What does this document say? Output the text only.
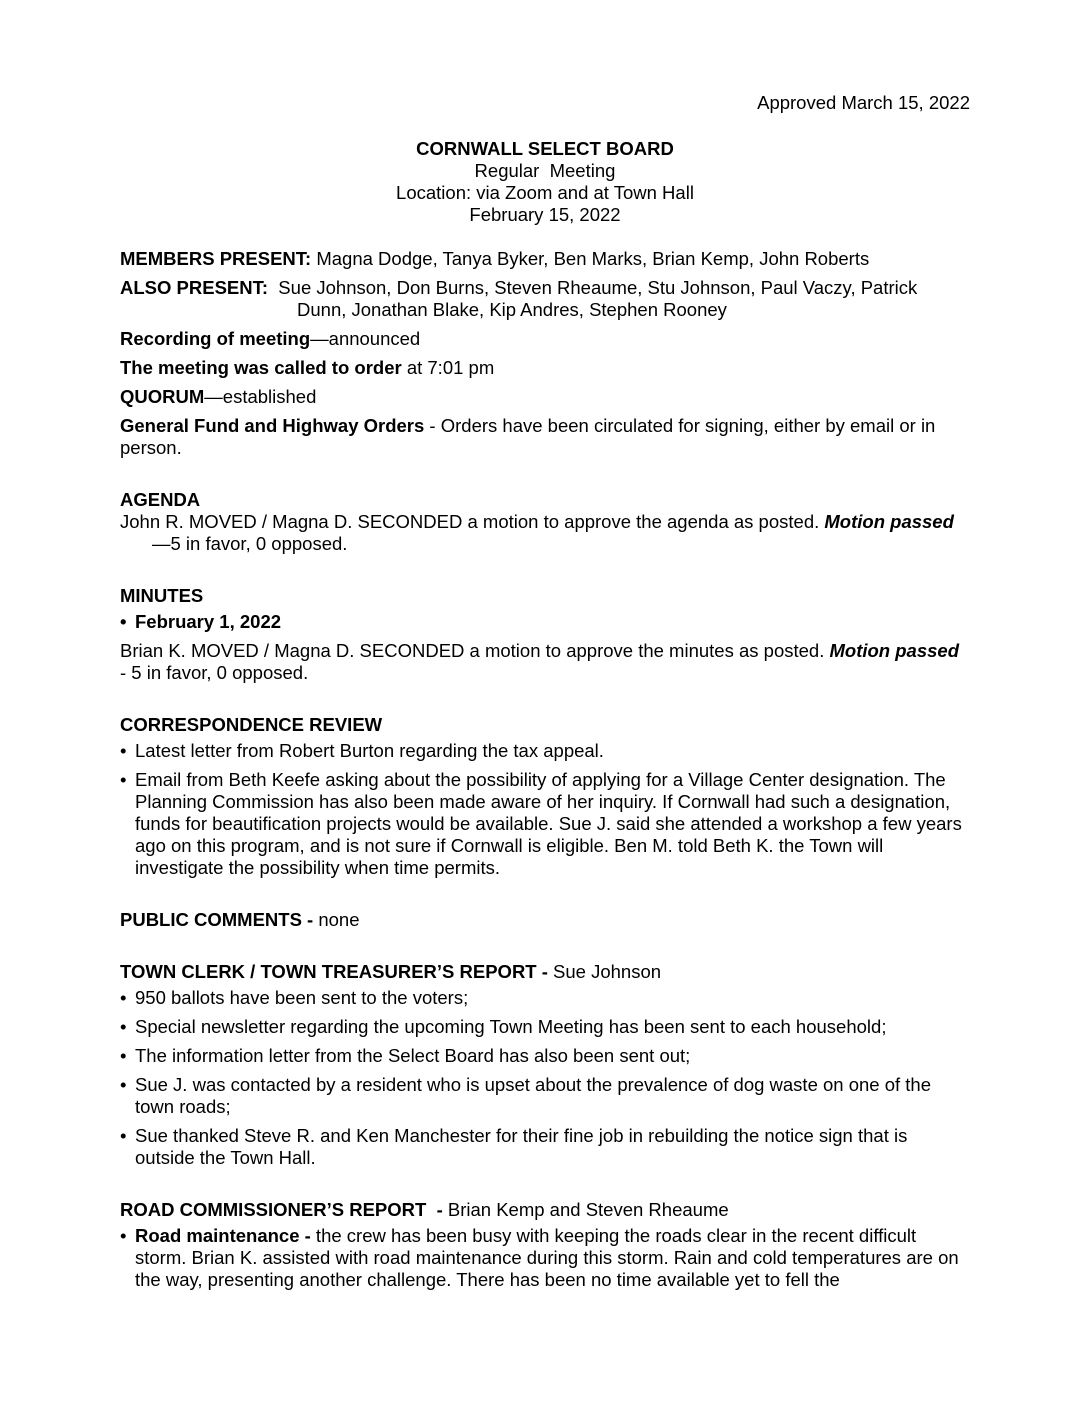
Approved March 15, 2022

CORNWALL SELECT BOARD
Regular  Meeting
Location: via Zoom and at Town Hall
February 15, 2022

MEMBERS PRESENT: Magna Dodge, Tanya Byker, Ben Marks, Brian Kemp, John Roberts

ALSO PRESENT:  Sue Johnson, Don Burns, Steven Rheaume, Stu Johnson, Paul Vaczy, Patrick Dunn, Jonathan Blake, Kip Andres, Stephen Rooney

Recording of meeting—announced

The meeting was called to order at 7:01 pm

QUORUM—established

General Fund and Highway Orders - Orders have been circulated for signing, either by email or in person.

AGENDA

John R. MOVED / Magna D. SECONDED a motion to approve the agenda as posted. Motion passed—5 in favor, 0 opposed.

MINUTES
• February 1, 2022

Brian K. MOVED / Magna D. SECONDED a motion to approve the minutes as posted. Motion passed - 5 in favor, 0 opposed.

CORRESPONDENCE REVIEW
• Latest letter from Robert Burton regarding the tax appeal.
• Email from Beth Keefe asking about the possibility of applying for a Village Center designation. The Planning Commission has also been made aware of her inquiry. If Cornwall had such a designation, funds for beautification projects would be available. Sue J. said she attended a workshop a few years ago on this program, and is not sure if Cornwall is eligible. Ben M. told Beth K. the Town will investigate the possibility when time permits.

PUBLIC COMMENTS - none

TOWN CLERK / TOWN TREASURER’S REPORT - Sue Johnson

• 950 ballots have been sent to the voters;
• Special newsletter regarding the upcoming Town Meeting has been sent to each household;
• The information letter from the Select Board has also been sent out;
• Sue J. was contacted by a resident who is upset about the prevalence of dog waste on one of the town roads;
• Sue thanked Steve R. and Ken Manchester for their fine job in rebuilding the notice sign that is outside the Town Hall.

ROAD COMMISSIONER’S REPORT  - Brian Kemp and Steven Rheaume

• Road maintenance - the crew has been busy with keeping the roads clear in the recent difficult storm. Brian K. assisted with road maintenance during this storm. Rain and cold temperatures are on the way, presenting another challenge. There has been no time available yet to fell the
